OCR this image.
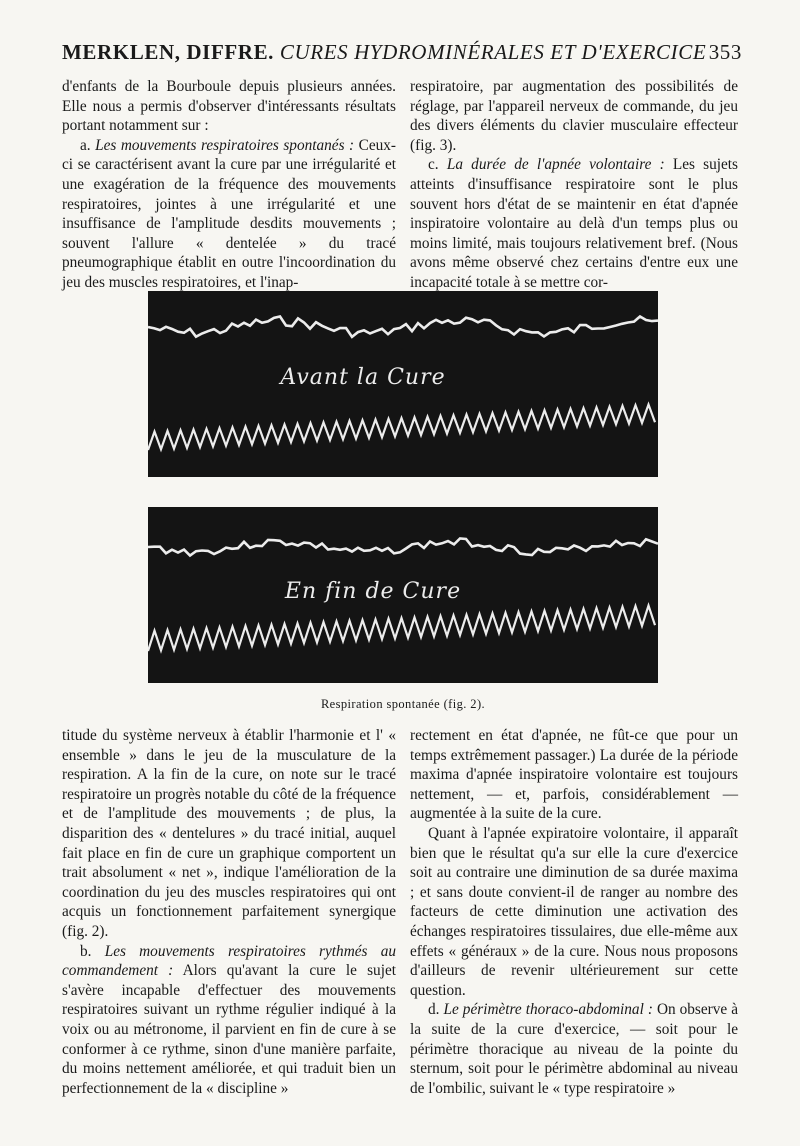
MERKLEN, DIFFRE. CURES HYDROMINÉRALES ET D'EXERCICE 353

d'enfants de la Bourboule depuis plusieurs années. Elle nous a permis d'observer d'intéressants résultats portant notamment sur :

a. Les mouvements respiratoires spontanés : Ceux-ci se caractérisent avant la cure par une irrégularité et une exagération de la fréquence des mouvements respiratoires, jointes à une irrégularité et une insuffisance de l'amplitude desdits mouvements ; souvent l'allure « dentelée » du tracé pneumographique établit en outre l'incoordination du jeu des muscles respiratoires, et l'inap-

respiratoire, par augmentation des possibilités de réglage, par l'appareil nerveux de commande, du jeu des divers éléments du clavier musculaire effecteur (fig. 3).

c. La durée de l'apnée volontaire : Les sujets atteints d'insuffisance respiratoire sont le plus souvent hors d'état de se maintenir en état d'apnée inspiratoire volontaire au delà d'un temps plus ou moins limité, mais toujours relativement bref. (Nous avons même observé chez certains d'entre eux une incapacité totale à se mettre cor-

Avant la Cure
En fin de Cure
Respiration spontanée (fig. 2).

titude du système nerveux à établir l'harmonie et l' « ensemble » dans le jeu de la musculature de la respiration. A la fin de la cure, on note sur le tracé respiratoire un progrès notable du côté de la fréquence et de l'amplitude des mouvements ; de plus, la disparition des « dentelures » du tracé initial, auquel fait place en fin de cure un graphique comportent un trait absolument « net », indique l'amélioration de la coordination du jeu des muscles respiratoires qui ont acquis un fonctionnement parfaitement synergique (fig. 2).

b. Les mouvements respiratoires rythmés au commandement : Alors qu'avant la cure le sujet s'avère incapable d'effectuer des mouvements respiratoires suivant un rythme régulier indiqué à la voix ou au métronome, il parvient en fin de cure à se conformer à ce rythme, sinon d'une manière parfaite, du moins nettement améliorée, et qui traduit bien un perfectionnement de la « discipline »

rectement en état d'apnée, ne fût-ce que pour un temps extrêmement passager.) La durée de la période maxima d'apnée inspiratoire volontaire est toujours nettement, — et, parfois, considérablement — augmentée à la suite de la cure.

Quant à l'apnée expiratoire volontaire, il apparaît bien que le résultat qu'a sur elle la cure d'exercice soit au contraire une diminution de sa durée maxima ; et sans doute convient-il de ranger au nombre des facteurs de cette diminution une activation des échanges respiratoires tissulaires, due elle-même aux effets « généraux » de la cure. Nous nous proposons d'ailleurs de revenir ultérieurement sur cette question.

d. Le périmètre thoraco-abdominal : On observe à la suite de la cure d'exercice, — soit pour le périmètre thoracique au niveau de la pointe du sternum, soit pour le périmètre abdominal au niveau de l'ombilic, suivant le « type respiratoire »
